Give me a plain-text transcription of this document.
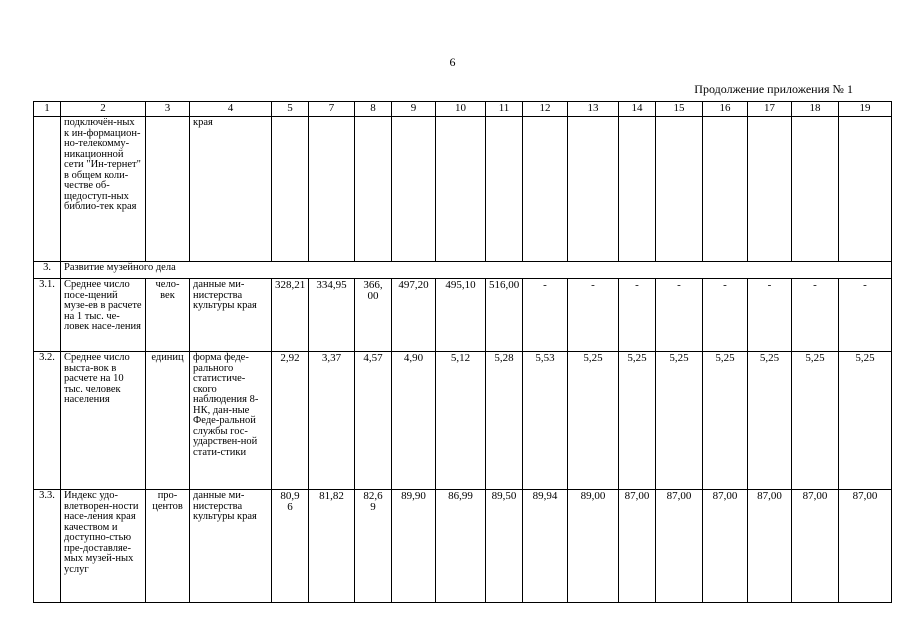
6
Продолжение приложения № 1
1	2	3	4	5	7	8	9	10	11	12	13	14	15	16	17	18	19
	подключён-ных к ин-формацион-но-телекомму-никационной сети "Ин-тернет" в общем коли-честве об-щедоступ-ных библио-тек края		края														
3.	Развитие музейного дела																
3.1.	Среднее число посе-щений музе-ев в расчете на 1 тыс. че-ловек насе-ления	чело-век	данные ми-нистерства культуры края	328,21	334,95	366,00	497,20	495,10	516,00	-	-	-	-	-	-	-	-
3.2.	Среднее число выста-вок в расчете на 10 тыс. человек населения	единиц	форма феде-рального статистиче-ского наблюдения 8-НК, дан-ные Феде-ральной службы гос-ударствен-ной стати-стики	2,92	3,37	4,57	4,90	5,12	5,28	5,53	5,25	5,25	5,25	5,25	5,25	5,25	5,25
3.3.	Индекс удо-влетворен-ности насе-ления края качеством и доступно-стью пре-доставляе-мых музей-ных услуг	про-центов	данные ми-нистерства культуры края	80,96	81,82	82,69	89,90	86,99	89,50	89,94	89,00	87,00	87,00	87,00	87,00	87,00	87,00
